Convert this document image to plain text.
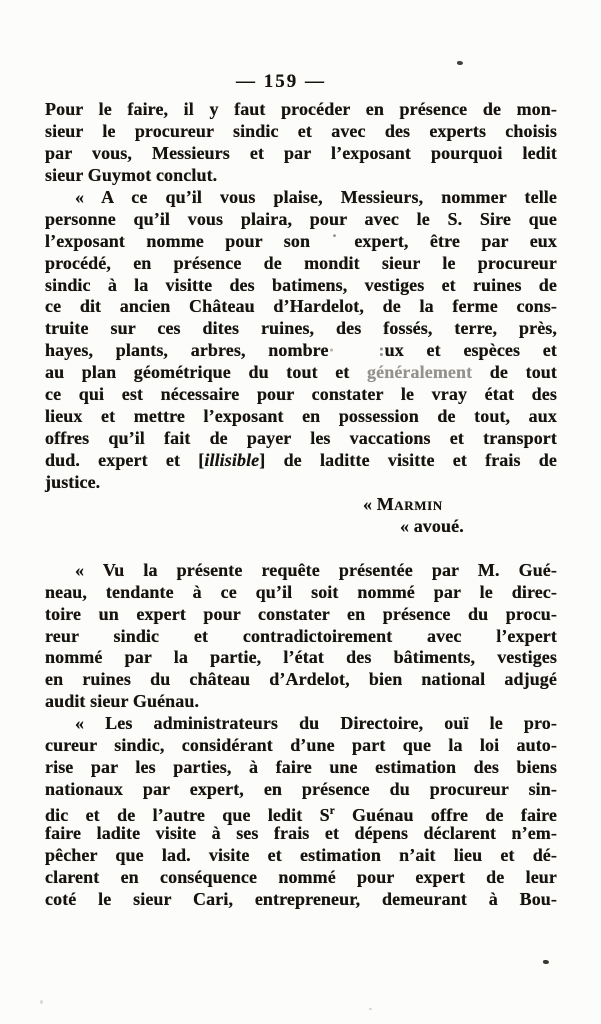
— 159 —
Pour le faire, il y faut procéder en présence de mon-
sieur le procureur sindic et avec des experts choisis
par vous, Messieurs et par l’exposant pourquoi ledit
sieur Guymot conclut.
« A ce qu’il vous plaise, Messieurs, nommer telle
personne qu’il vous plaira, pour avec le S. Sire que
l’exposant nomme pour son ˙expert, être par eux
procédé, en présence de mondit sieur le procureur
sindic à la visitte des batimens, vestiges et ruines de
ce dit ancien Château d’Hardelot, de la ferme cons-
truite sur ces dites ruines, des fossés, terre, près,
hayes, plants, arbres, nombre· :ux et espèces et
au plan géométrique du tout et généralement de tout
ce qui est nécessaire pour constater le vray état des
lieux et mettre l’exposant en possession de tout, aux
offres qu’il fait de payer les vaccations et transport
dud. expert et [illisible] de laditte visitte et frais de
justice.
« Marmin
« avoué.

« Vu la présente requête présentée par M. Gué-
neau, tendante à ce qu’il soit nommé par le direc-
toire un expert pour constater en présence du procu-
reur sindic et contradictoirement avec l’expert
nommé par la partie, l’état des bâtiments, vestiges
en ruines du château d’Ardelot, bien national adjugé
audit sieur Guénau.
« Les administrateurs du Directoire, ouï le pro-
cureur sindic, considérant d’une part que la loi auto-
rise par les parties, à faire une estimation des biens
nationaux par expert, en présence du procureur sin-
dic et de l’autre que ledit $S^r$ Guénau offre de faire
faire ladite visite à ses frais et dépens déclarent n’em-
pêcher que lad. visite et estimation n’ait lieu et dé-
clarent en conséquence nommé pour expert de leur
coté le sieur Cari, entrepreneur, demeurant à Bou-
